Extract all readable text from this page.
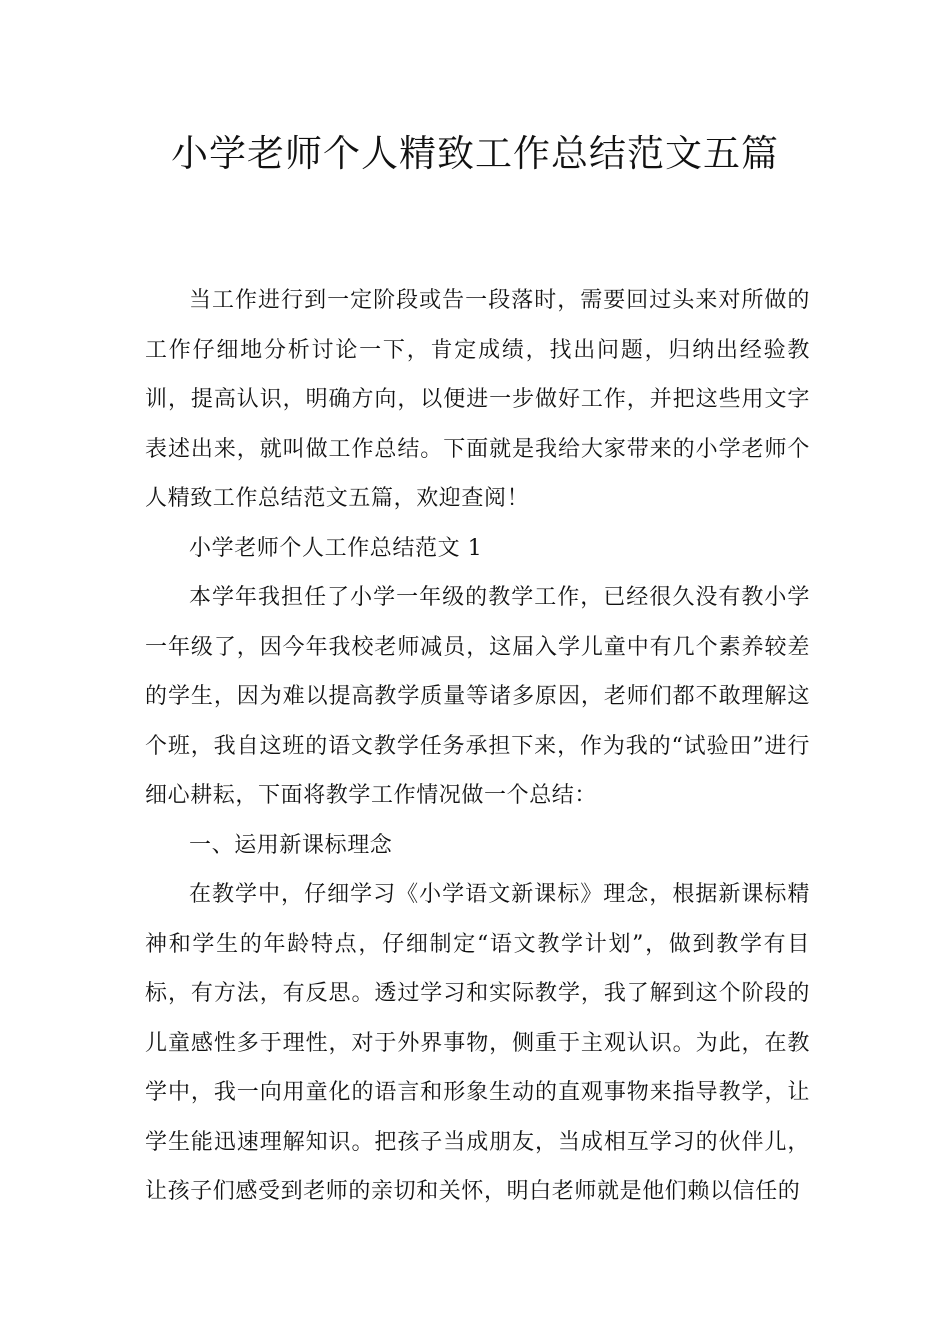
小学老师个人精致工作总结范文五篇

当工作进行到一定阶段或告一段落时，需要回过头来对所做的工作仔细地分析讨论一下，肯定成绩，找出问题，归纳出经验教训，提高认识，明确方向，以便进一步做好工作，并把这些用文字表述出来，就叫做工作总结。下面就是我给大家带来的小学老师个人精致工作总结范文五篇，欢迎查阅！

小学老师个人工作总结范文 1

本学年我担任了小学一年级的教学工作，已经很久没有教小学一年级了，因今年我校老师减员，这届入学儿童中有几个素养较差的学生，因为难以提高教学质量等诸多原因，老师们都不敢理解这个班，我自这班的语文教学任务承担下来，作为我的“试验田”进行细心耕耘，下面将教学工作情况做一个总结：

一、运用新课标理念

在教学中，仔细学习《小学语文新课标》理念，根据新课标精神和学生的年龄特点，仔细制定“语文教学计划”，做到教学有目标，有方法，有反思。透过学习和实际教学，我了解到这个阶段的儿童感性多于理性，对于外界事物，侧重于主观认识。为此，在教学中，我一向用童化的语言和形象生动的直观事物来指导教学，让学生能迅速理解知识。把孩子当成朋友，当成相互学习的伙伴儿，让孩子们感受到老师的亲切和关怀，明白老师就是他们赖以信任的
